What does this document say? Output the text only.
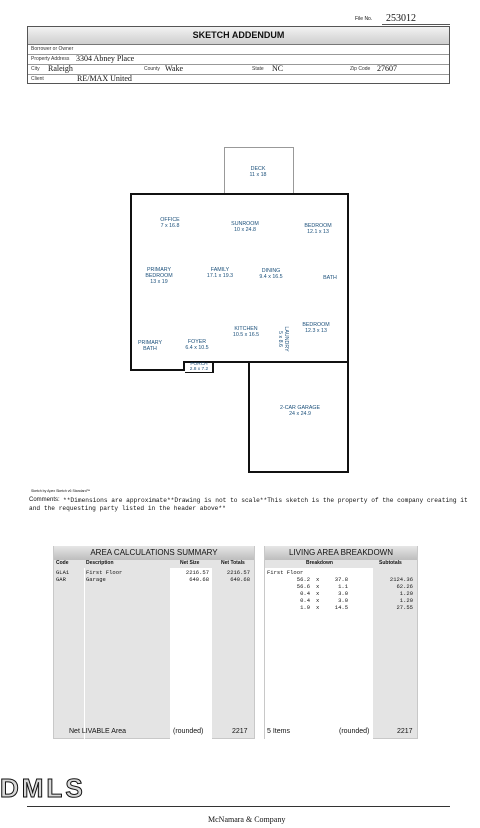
File No. 253012
SKETCH ADDENDUM
Borrower or Owner
Property Address 3304 Abney Place
City Raleigh	County Wake	State NC	Zip Code 27607
Client	RE/MAX United
DECK
11 x 18
OFFICE
7 x 16.8	SUNROOM
10 x 24.8
BEDROOM
12.1 x 13
PRIMARY
BEDROOM
13 x 19
FAMILY
17.1 x 19.3
DINING
9.4 x 16.5	BATH
KITCHEN
10.5 x 16.5	LAUNDRY
5 x 8.6
BEDROOM
12.3 x 13
PRIMARY
BATH
FOYER
6.4 x 10.5
PORCH
2.8 x 7.2
2-CAR GARAGE
24 x 24.9
Sketch by Apex Sketch v6 Standard™
Comments: **Dimensions are approximate**Drawing is not to scale**This sketch is the property of the company creating it
and the requesting party listed in the header above**
AREA CALCULATIONS SUMMARY
Code	Description	Net Size	Net Totals
GLA1	First Floor	2216.57	2216.57
GAR	Garage	640.68	640.68
Net LIVABLE Area	(rounded)	2217
LIVING AREA BREAKDOWN
Breakdown	Subtotals
First Floor
56.2 x	37.8	2124.36
56.6 x	1.1	62.26
0.4 x	3.0	1.20
0.4 x	3.0	1.20
1.9 x	14.5	27.55
5 Items	(rounded)	2217
DMLS
McNamara & Company
